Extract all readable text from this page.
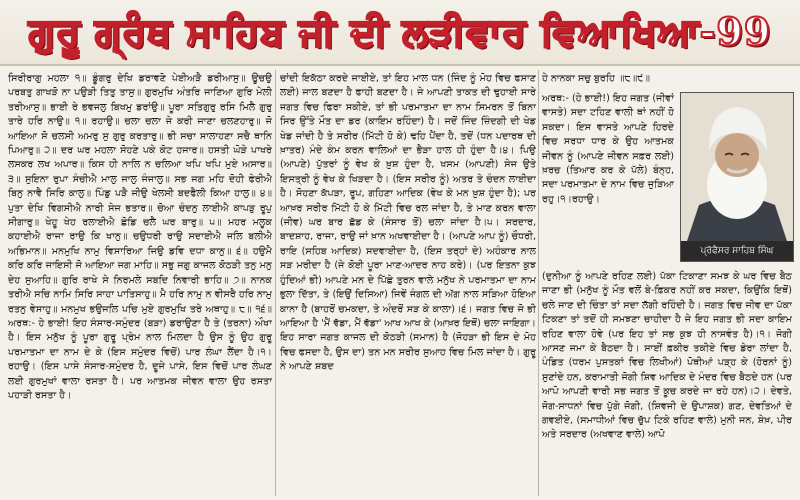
ਗੁਰੂ ਗ੍ਰੰਥ ਸਾਹਿਬ ਜੀ ਦੀ ਲੜੀਵਾਰ ਵਿਆਖਿਆ-99

ਸਿਰੀਰਾਗੁ ਮਹਲਾ ੧॥ ਡੂੰਗਰੁ ਦੇਖਿ ਡਰਾਵਣੋ ਪੇਈਅੜੈ ਡਰੀਆਸੁ॥ ਊਚਉ ਪਰਬਤੁ ਗਾਖੜੋ ਨਾ ਪਉੜੀ ਤਿਤੁ ਤਾਸੁ॥ ਗੁਰਮੁਖਿ ਅੰਤਰਿ ਜਾਣਿਆ ਗੁਰਿ ਮੇਲੀ ਤਰੀਆਸੁ॥ ਭਾਈ ਰੇ ਭਵਜਲੁ ਬਿਖਮੁ ਡਰਾਂਉ॥ ਪੂਰਾ ਸਤਿਗੁਰੁ ਰਸਿ ਮਿਲੈ ਗੁਰੁ ਤਾਰੇ ਹਰਿ ਨਾਉ॥ ੧॥ ਰਹਾਉ॥ ਚਲਾ ਚਲਾ ਜੇ ਕਰੀ ਜਾਣਾ ਚਲਣਹਾਰੁ॥ ਜੋ ਆਇਆ ਸੋ ਚਲਸੀ ਅਮਰੁ ਸੁ ਗੁਰੁ ਕਰਤਾਰੁ॥ ਭੀ ਸਚਾ ਸਾਲਾਹਣਾ ਸਚੈ ਥਾਨਿ ਪਿਆਰੁ॥ ੨॥ ਦਰ ਘਰ ਮਹਲਾ ਸੋਹਣੇ ਪਕੇ ਕੋਟ ਹਜਾਰ॥ ਹਸਤੀ ਘੋੜੇ ਪਾਖਰੇ ਲਸਕਰ ਲਖ ਅਪਾਰ॥ ਕਿਸ ਹੀ ਨਾਲਿ ਨ ਚਲਿਆ ਖਪਿ ਖਪਿ ਮੁਏ ਅਸਾਰ॥ ੩॥ ਸੁਇਨਾ ਰੁਪਾ ਸੰਚੀਐ ਮਾਲੁ ਜਾਲੁ ਜੰਜਾਲੁ॥ ਸਭ ਜਗ ਮਹਿ ਦੋਹੀ ਫੇਰੀਐ ਬਿਨੁ ਨਾਵੈ ਸਿਰਿ ਕਾਲੁ॥ ਪਿੰਡੁ ਪੜੈ ਜੀਉ ਖੇਲਸੀ ਬਦਫੈਲੀ ਕਿਆ ਹਾਲੁ॥ ੪॥ ਪੁਤਾ ਦੇਖਿ ਵਿਗਸੀਐ ਨਾਰੀ ਸੇਜ ਭਤਾਰ॥ ਚੋਆ ਚੰਦਨੁ ਲਾਈਐ ਕਾਪੜੁ ਰੂਪੁ ਸੀਗਾਰੁ॥ ਖੇਹੂ ਖੇਹ ਰਲਾਈਐ ਛੋਡਿ ਚਲੈ ਘਰ ਬਾਰੁ॥ ੫॥ ਮਹਰ ਮਲੂਕ ਕਹਾਈਐ ਰਾਜਾ ਰਾਉ ਕਿ ਖਾਨੁ॥ ਚਉਧਰੀ ਰਾਉ ਸਦਾਈਐ ਜਲਿ ਬਲੀਐ ਅਭਿਮਾਨ॥ ਮਨਮੁਖਿ ਨਾਮੁ ਵਿਸਾਰਿਆ ਜਿਉ ਡਵਿ ਦਧਾ ਕਾਨੁ॥ ੬॥ ਹਉਮੈ ਕਰਿ ਕਰਿ ਜਾਇਸੀ ਜੋ ਆਇਆ ਜਗ ਮਾਹਿ॥ ਸਭੁ ਜਗੁ ਕਾਜਲ ਕੋਠੜੀ ਤਨੁ ਮਨੁ ਦੇਹ ਸੁਆਹਿ॥ ਗੁਰਿ ਰਾਖੇ ਸੇ ਨਿਰਮਲੇ ਸਬਦਿ ਨਿਵਾਰੀ ਭਾਹਿ॥ ੭॥ ਨਾਨਕ ਤਰੀਐ ਸਚਿ ਨਾਮਿ ਸਿਰਿ ਸਾਹਾ ਪਾਤਿਸਾਹੁ॥ ਮੈ ਹਰਿ ਨਾਮੁ ਨ ਵੀਸਰੈ ਹਰਿ ਨਾਮੁ ਰਤਨੁ ਵੇਸਾਹੁ॥ ਮਨਮੁਖ ਭਉਜਲਿ ਪਚਿ ਮੁਏ ਗੁਰਮੁਖਿ ਤਰੇ ਅਥਾਹੁ॥ ੮॥ ੧੬॥ ਅਰਥ:- ਹੇ ਭਾਈ! ਇਹ ਸੰਸਾਰ-ਸਮੁੰਦਰ (ਬੜਾ) ਡਰਾਉਣਾ ਹੈ ਤੇ (ਤਰਨਾ) ਔਖਾ ਹੈ। ਇਸ ਮਨੁੱਖ ਨੂੰ ਪੂਰਾ ਗੁਰੂ ਪ੍ਰੇਮ ਨਾਲ ਮਿਲਦਾ ਹੈ ਉਸ ਨੂੰ ਉਹ ਗੁਰੂ ਪਰਮਾਤਮਾ ਦਾ ਨਾਮ ਦੇ ਕੇ (ਇਸ ਸਮੁੰਦਰ ਵਿਚੋਂ) ਪਾਰ ਲੰਘਾ ਲੈਂਦਾ ਹੈ।੧।ਰਹਾਉ। (ਇਸ ਪਾਸੇ ਸੰਸਾਰ-ਸਮੁੰਦਰ ਹੈ, ਦੂਜੇ ਪਾਸੇ, ਇਸ ਵਿਚੋਂ ਪਾਰ ਲੰਘਣ ਲਈ ਗੁਰਮੁਖਾਂ ਵਾਲਾ ਰਸਤਾ ਹੈ। ਪਰ ਆਤਮਕ ਜੀਵਨ ਵਾਲਾ ਉਹ ਰਸਤਾ ਪਹਾੜੀ ਰਸਤਾ ਹੈ।

ਚਾਂਦੀ ਇਕੱਠਾ ਕਰਦੇ ਜਾਈਏ, ਤਾਂ ਇਹ ਮਾਲ ਧਨ (ਜਿੰਦ ਨੂੰ ਮੋਹ ਵਿਚ ਫਸਾਣ ਲਈ) ਜਾਲ ਬਣਦਾ ਹੈ ਫਾਹੀ ਬਣਦਾ ਹੈ। ਜੇ ਆਪਣੀ ਤਾਕਤ ਦੀ ਢੁਹਾਈ ਸਾਰੇ ਜਗਤ ਵਿਚ ਫਿਰਾ ਸਕੀਏ, ਤਾਂ ਭੀ ਪਰਮਾਤਮਾ ਦਾ ਨਾਮ ਸਿਮਰਨ ਤੋਂ ਬਿਨਾ ਸਿਰ ਉੱਤੇ ਮੌਤ ਦਾ ਡਰ (ਕਾਇਮ ਰਹਿੰਦਾ) ਹੈ। ਜਦੋਂ ਜਿੰਦ ਜ਼ਿੰਦਗੀ ਦੀ ਖੇਡ ਖੇਡ ਜਾਂਦੀ ਹੈ ਤੇ ਸਰੀਰ (ਮਿੱਟੀ ਹੋ ਕੇ) ਢਹਿ ਪੈਂਦਾ ਹੈ, ਤਦੋਂ (ਧਨ ਪਦਾਰਥ ਦੀ ਖ਼ਾਤਰ) ਮੰਦੇ ਕੰਮ ਕਰਨ ਵਾਲਿਆਂ ਦਾ ਭੈੜਾ ਹਾਲ ਹੀ ਹੁੰਦਾ ਹੈ।੪। ਪਿਉ (ਆਪਣੇ) ਪੁੱਤਰਾਂ ਨੂੰ ਵੇਖ ਕੇ ਖ਼ੁਸ਼ ਹੁੰਦਾ ਹੈ, ਖਸਮ (ਆਪਣੀ) ਸੇਜ ਉਤੇ ਇਸਤ੍ਰੀ ਨੂੰ ਵੇਖ ਕੇ ਖਿੜਦਾ ਹੈ। (ਇਸ ਸਰੀਰ ਨੂੰ) ਅਤਰ ਤੇ ਚੰਦਨ ਲਾਈਦਾ ਹੈ। ਸੋਹਣਾ ਕੱਪੜਾ, ਰੂਪ, ਗਹਿਣਾ ਆਦਿਕ (ਵੇਖ ਕੇ ਮਨ ਖ਼ੁਸ਼ ਹੁੰਦਾ ਹੈ); ਪਰ ਆਖ਼ਰ ਸਰੀਰ ਮਿੱਟੀ ਹੋ ਕੇ ਮਿੱਟੀ ਵਿਚ ਰਲ ਜਾਂਦਾ ਹੈ, ਤੇ ਮਾਣ ਕਰਨ ਵਾਲਾ (ਜੀਵ) ਘਰ ਬਾਰ ਛੱਡ ਕੇ (ਸੰਸਾਰ ਤੋਂ) ਚਲਾ ਜਾਂਦਾ ਹੈ।੫। ਸਰਦਾਰ, ਬਾਦਸ਼ਾਹ, ਰਾਜਾ, ਰਾਉ ਜਾਂ ਖ਼ਾਨ ਅਖਵਾਈਦਾ ਹੈ। (ਆਪਣੇ ਆਪ ਨੂੰ) ਚੌਧਰੀ, ਰਾਇ (ਸਹਿਬ ਆਦਿਕ) ਸਦਵਾਈਦਾ ਹੈ, (ਇਸ ਤਰ੍ਹਾਂ ਦੇ) ਅਹੰਕਾਰ ਨਾਲ ਸੜ ਮਰੀਦਾ ਹੈ (ਜੇ ਕੋਈ ਪੂਰਾ ਮਾਣ-ਆਦਰ ਨਾਹ ਕਰੇ)। (ਪਰ ਇਤਨਾ ਕੁਝ ਹੁੰਦਿਆਂ ਭੀ) ਆਪਣੇ ਮਨ ਦੇ ਪਿੱਛੇ ਤੁਰਨ ਵਾਲੇ ਮਨੁੱਖ ਨੇ ਪਰਮਾਤਮਾ ਦਾ ਨਾਮ ਭੁਲਾ ਦਿੱਤਾ, ਤੇ (ਇਉਂ ਦਿਸਿਆ) ਜਿਵੇਂ ਜੰਗਲ ਦੀ ਅੱਗ ਨਾਲ ਸੜਿਆ ਹੋਇਆ ਕਾਨਾ ਹੈ (ਬਾਹਰੋਂ ਚਮਕਦਾ, ਤੇ ਅੰਦਰੋਂ ਸੜ ਕੇ ਕਾਲਾ)।੬। ਜਗਤ ਵਿਚ ਜੋ ਭੀ ਆਇਆ ਹੈ 'ਮੈਂ ਵੱਡਾ, ਮੈਂ ਵੱਡਾ' ਆਖ ਆਖ ਕੇ (ਆਖ਼ਰ ਇਥੋਂ) ਚਲਾ ਜਾਇਗਾ। ਇਹ ਸਾਰਾ ਜਗਤ ਕਾਜਲ ਦੀ ਕੋਠੜੀ (ਸਮਾਨ) ਹੈ (ਜੋਹੜਾ ਭੀ ਇਸ ਦੇ ਮੋਹ ਵਿਚ ਫਸਦਾ ਹੈ, ਉਸ ਦਾ) ਤਨ ਮਨ ਸਰੀਰ ਸੁਆਹ ਵਿਚ ਮਿਲ ਜਾਂਦਾ ਹੈ। ਗੁਰੂ ਨੇ ਆਪਣੇ ਸ਼ਬਦ

ਹੇ ਨਾਨਕਾ ਸਚੁ ਬੁਰਹਿ ॥੮॥੯॥

ਅਰਥ:- (ਹੇ ਭਾਈ!) ਇਹ ਜਗਤ (ਜੀਵਾਂ ਵਾਸਤੇ) ਸਦਾ ਟਹਿਣ ਵਾਲੀ ਥਾਂ ਨਹੀਂ ਹੋ ਸਕਦਾ। ਇਸ ਵਾਸਤੇ ਆਪਣੇ ਹਿਰਦੇ ਵਿਚ ਸਰਧਾ ਧਾਰ ਕੇ ਉਹ ਆਤਮਕ ਜੀਵਨ ਨੂੰ (ਆਪਣੇ ਜੀਵਨ ਸਫ਼ਰ ਲਈ) ਖ਼ਰਚ (ਤਿਆਰ ਕਰ ਕੇ ਪੱਲੇ) ਬੰਨ੍ਹ, ਸਦਾ ਪਰਮਾਤਮਾ ਦੇ ਨਾਮ ਵਿਚ ਜੁੜਿਆ ਰਹੁ।੧।ਰਹਾਉ।

ਪ੍ਰੋਫੈਸਰ ਸਾਹਿਬ ਸਿੰਘ

(ਦੁਨੀਆ ਨੂੰ ਆਪਣੇ ਰਹਿਣ ਲਈ) ਪੱਕਾ ਟਿਕਾਣਾ ਸਮਝ ਕੇ ਘਰ ਵਿਚ ਬੈਠ ਜਾਣਾ ਭੀ (ਮਨੁੱਖ ਨੂੰ ਮੌਤ ਵਲੋਂ ਬੇ-ਫ਼ਿਕਰ ਨਹੀਂ ਕਰ ਸਕਦਾ, ਕਿਉਂਕਿ ਇਥੋਂ) ਚਲੇ ਜਾਣ ਦੀ ਚਿੰਤਾ ਤਾਂ ਸਦਾ ਲੱਗੀ ਰਹਿੰਦੀ ਹੈ। ਜਗਤ ਵਿਚ ਜੀਵ ਦਾ ਪੱਕਾ ਟਿਕਣਾ ਤਾਂ ਤਦੋਂ ਹੀ ਸਮਝਣਾ ਚਾਹੀਦਾ ਹੈ ਜੇ ਇਹ ਜਗਤ ਭੀ ਸਦਾ ਕਾਇਮ ਰਹਿਣ ਵਾਲਾ ਹੋਵੇ (ਪਰ ਇਹ ਤਾਂ ਸਭ ਕੁਝ ਹੀ ਨਾਸਵੰਤ ਹੈ)।੧। ਜੋਗੀ ਆਸਣ ਜਮਾ ਕੇ ਬੈਠਦਾ ਹੈ। ਸਾਈਂ ਫ਼ਕੀਰ ਤਕੀਏ ਵਿਚ ਡੇਰਾ ਲਾਂਦਾ ਹੈ, ਪੰਡਿਤ (ਧਰਮ ਪੁਸਤਕਾਂ ਵਿਚ ਲਿਖੀਆਂ) ਪੋਥੀਆਂ ਪੜ੍ਹ ਕੇ (ਹੋਰਨਾਂ ਨੂੰ) ਸੁਣਾਂਦੇ ਹਨ, ਕਰਾਮਾਤੀ ਜੋਗੀ ਸ਼ਿਵ ਆਦਿਕ ਦੇ ਮੰਦਰ ਵਿਚ ਬੈਠਦੇ ਹਨ (ਪਰ ਆਪੋ ਆਪਣੀ ਵਾਰੀ ਸਭ ਜਗਤ ਤੋਂ ਕੂਚ ਕਰਦੇ ਜਾ ਰਹੇ ਹਨ)।੨। ਦੇਵਤੇ, ਜੋਗ-ਸਾਧਨਾਂ ਵਿਚ ਪੁੱਗੇ ਜੋਗੀ, (ਸ਼ਿਵਜੀ ਦੇ ਉਪਾਸ਼ਕ) ਗਣ, ਦੇਵਤਿਆਂ ਦੇ ਗਵਈਏ, (ਸਮਾਧੀਆਂ ਵਿਚ ਚੁੱਪ ਟਿਕੇ ਰਹਿਣ ਵਾਲੇ) ਮੁਨੀ ਜਨ, ਸ਼ੇਖ਼, ਪੀਰ ਅਤੇ ਸਰਦਾਰ (ਅਖਵਾਣ ਵਾਲੇ) ਆਪੋ
